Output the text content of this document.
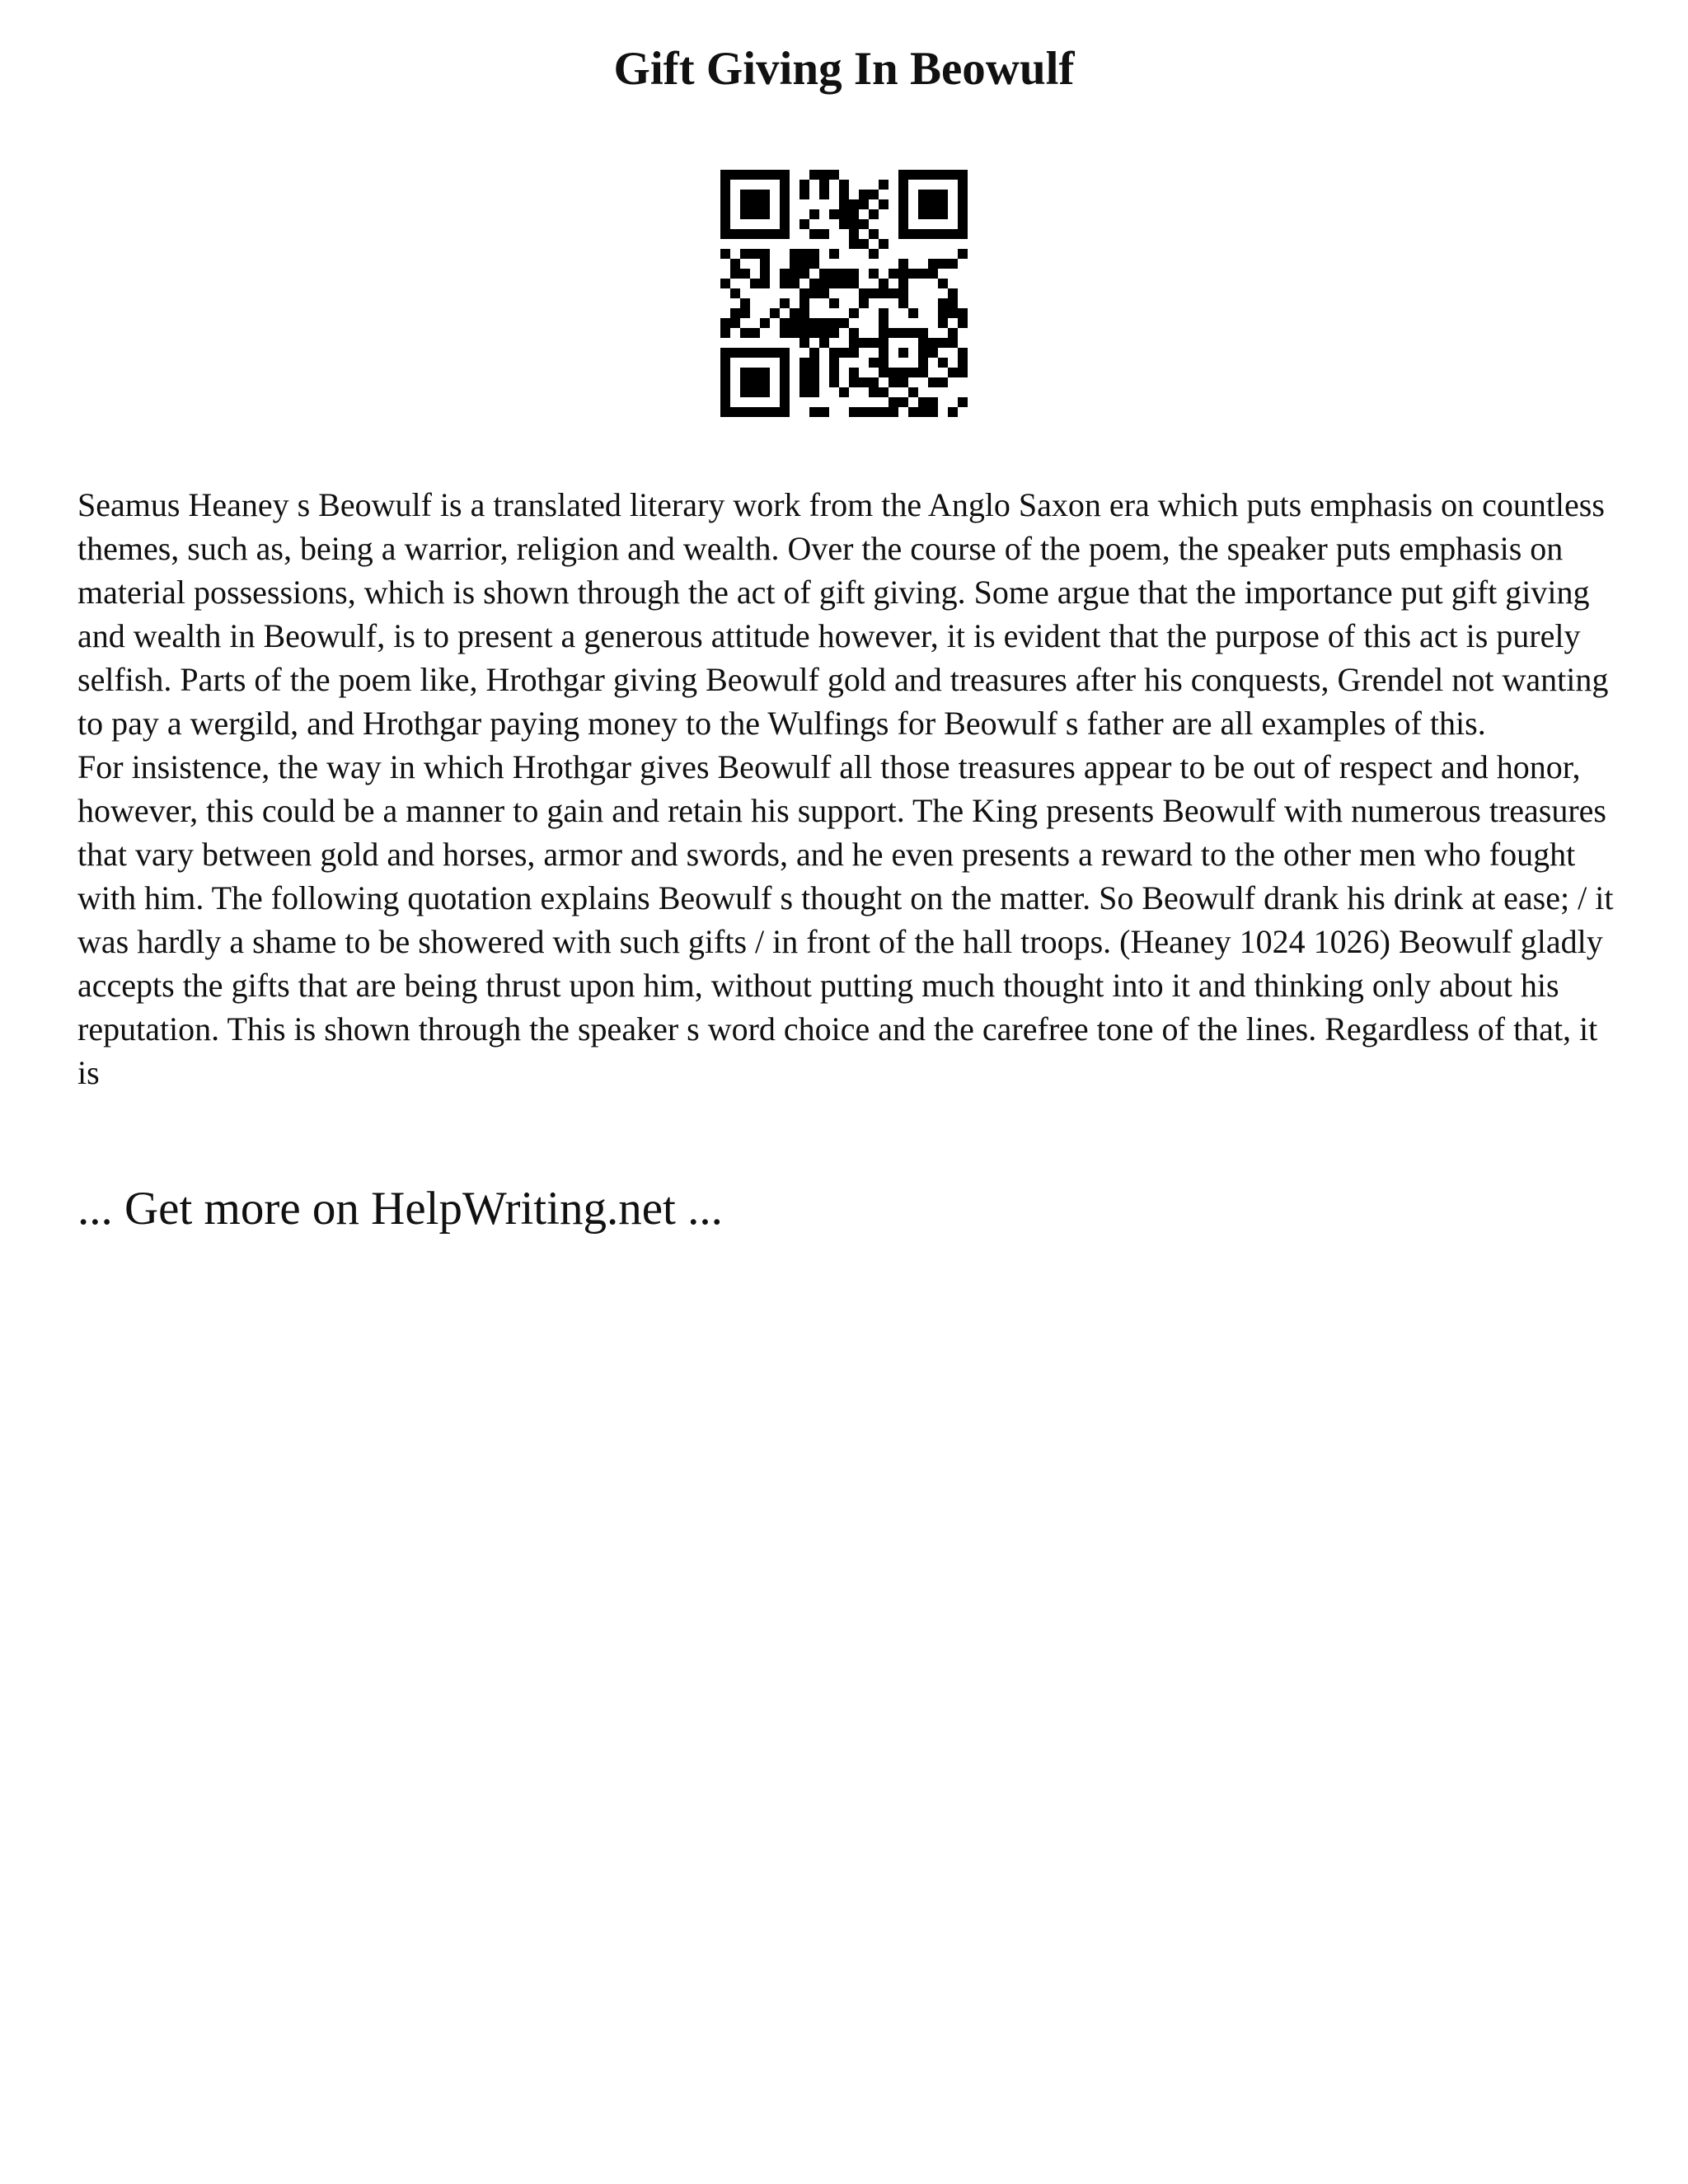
Gift Giving In Beowulf

Seamus Heaney s Beowulf is a translated literary work from the Anglo Saxon era which puts emphasis on countless themes, such as, being a warrior, religion and wealth. Over the course of the poem, the speaker puts emphasis on material possessions, which is shown through the act of gift giving. Some argue that the importance put gift giving and wealth in Beowulf, is to present a generous attitude however, it is evident that the purpose of this act is purely selfish. Parts of the poem like, Hrothgar giving Beowulf gold and treasures after his conquests, Grendel not wanting to pay a wergild, and Hrothgar paying money to the Wulfings for Beowulf s father are all examples of this.

For insistence, the way in which Hrothgar gives Beowulf all those treasures appear to be out of respect and honor, however, this could be a manner to gain and retain his support. The King presents Beowulf with numerous treasures that vary between gold and horses, armor and swords, and he even presents a reward to the other men who fought with him. The following quotation explains Beowulf s thought on the matter. So Beowulf drank his drink at ease; / it was hardly a shame to be showered with such gifts / in front of the hall troops. (Heaney 1024 1026) Beowulf gladly accepts the gifts that are being thrust upon him, without putting much thought into it and thinking only about his reputation. This is shown through the speaker s word choice and the carefree tone of the lines. Regardless of that, it is

... Get more on HelpWriting.net ...
